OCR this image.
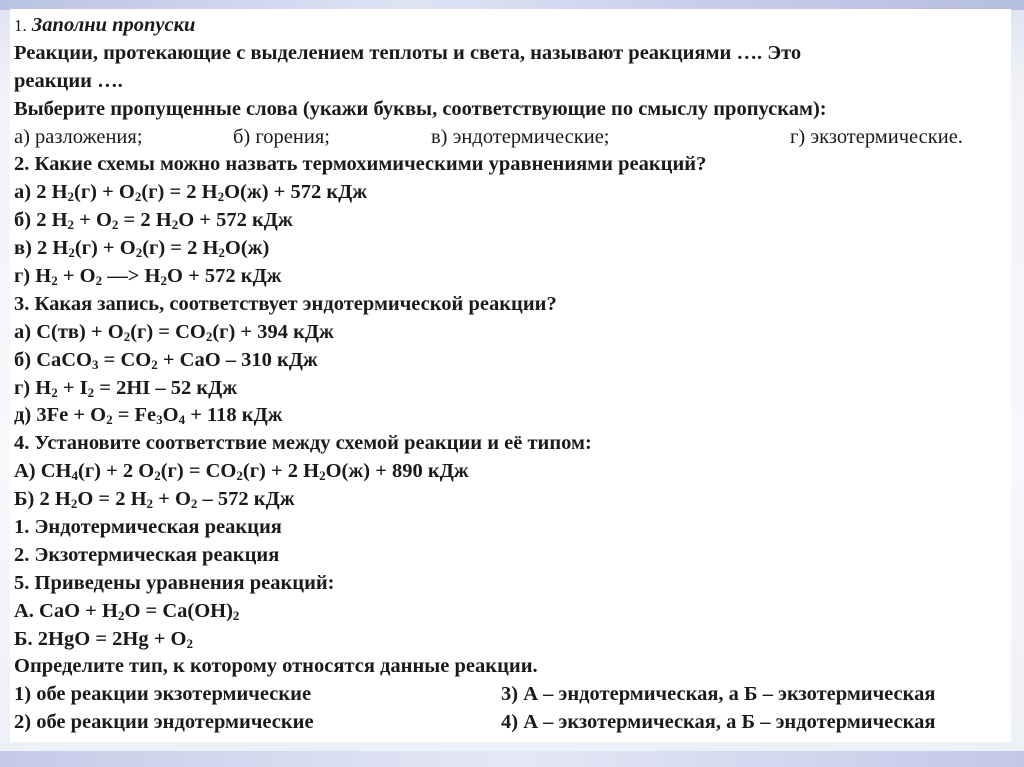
1. Заполни пропуски
Реакции, протекающие с выделением теплоты и света, называют реакциями …. Это
реакции ….
Выберите пропущенные слова (укажи буквы, соответствующие по смыслу пропускам):
а) разложения;	б) горения;	в) эндотермические;	г) экзотермические.
2. Какие схемы можно назвать термохимическими уравнениями реакций?
а) 2 $H_2(г) + O_2(г) = 2$ $H_2O(ж) + 572$ кДж
б) 2 $H_2 + O_2 = 2$ $H_2O + 572$ кДж
в) 2 $H_2(г) + O_2(г) = 2$ $H_2O(ж)$
г) $H_2 + O_2$ —> $H_2O + 572$ кДж
3. Какая запись, соответствует эндотермической реакции?
а) $С(тв) + O_2(г) = СO_2(г) + 394$ кДж
б) СаСО$_3$ = $СО_2$ + СаО – 310 кДж
г) $Н_2 + I_2 = 2HI - 52$ кДж
д) $3Fe + O_2 = Fe_3O_4 + 118$ кДж
4. Установите соответствие между схемой реакции и её типом:
А) $CH_4(г) + 2$ $O_2(г) = CO_2(г) + 2$ $H_2O(ж) + 890$ кДж
Б) 2 $H_2O = 2$ $H_2 + O_2 - 572$ кДж
1. Эндотермическая реакция
2. Экзотермическая реакция
5. Приведены уравнения реакций:
А. СаО + $Н_2О = Са(ОН)_2$
Б. $2HgO = 2Hg + O_2$
Определите тип, к которому относятся данные реакции.
1) обе реакции экзотермические	3) А – эндотермическая, а Б – экзотермическая
2) обе реакции эндотермические	4) А – экзотермическая, а Б – эндотермическая
